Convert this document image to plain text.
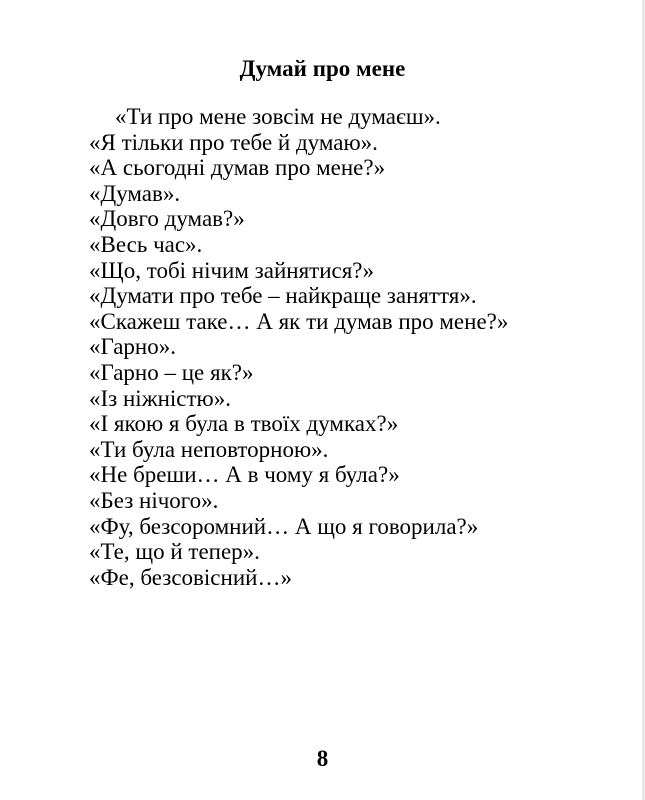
Думай про мене
«Ти про мене зовсім не думаєш».
«Я тільки про тебе й думаю».
«А сьогодні думав про мене?»
«Думав».
«Довго думав?»
«Весь час».
«Що, тобі нічим зайнятися?»
«Думати про тебе – найкраще заняття».
«Скажеш таке… А як ти думав про мене?»
«Гарно».
«Гарно – це як?»
«Із ніжністю».
«І якою я була в твоїх думках?»
«Ти була неповторною».
«Не бреши… А в чому я була?»
«Без нічого».
«Фу, безсоромний… А що я говорила?»
«Те, що й тепер».
«Фе, безсовісний…»
8
